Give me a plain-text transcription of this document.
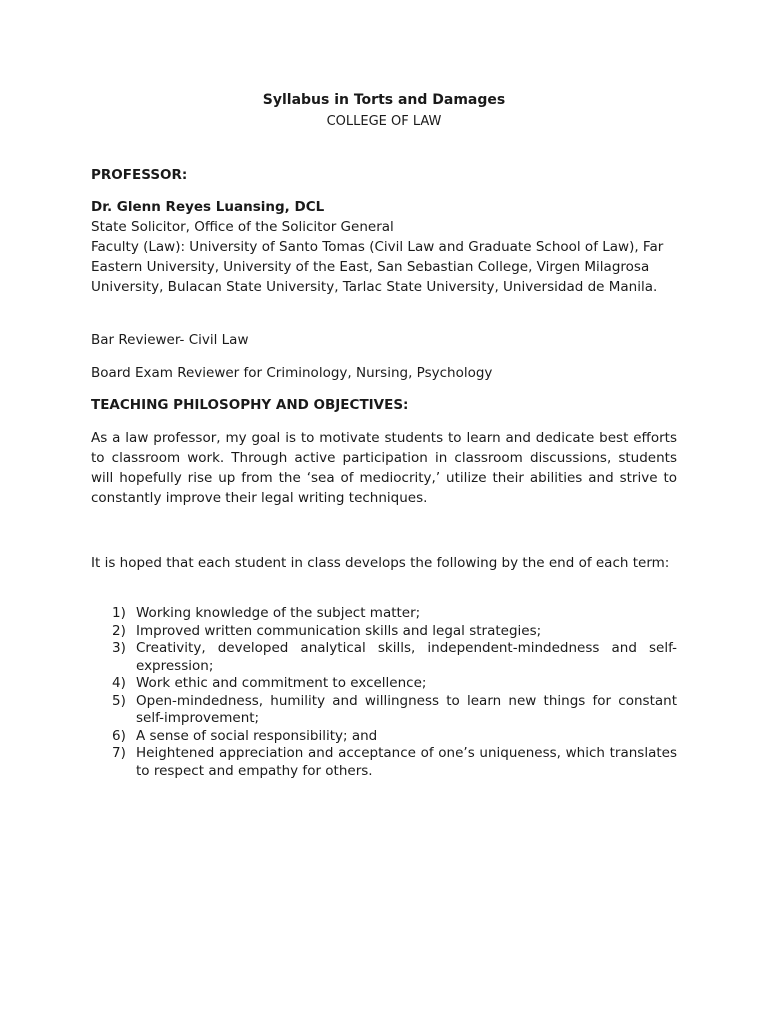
Syllabus in Torts and Damages
COLLEGE OF LAW
PROFESSOR:
Dr. Glenn Reyes Luansing, DCL
State Solicitor, Office of the Solicitor General
Faculty (Law): University of Santo Tomas (Civil Law and Graduate School of Law), Far Eastern University, University of the East, San Sebastian College, Virgen Milagrosa University, Bulacan State University, Tarlac State University, Universidad de Manila.
Bar Reviewer- Civil Law
Board Exam Reviewer for Criminology, Nursing, Psychology
TEACHING PHILOSOPHY AND OBJECTIVES:
As a law professor, my goal is to motivate students to learn and dedicate best efforts to classroom work. Through active participation in classroom discussions, students will hopefully rise up from the ‘sea of mediocrity,’ utilize their abilities and strive to constantly improve their legal writing techniques.
It is hoped that each student in class develops the following by the end of each term:
1) Working knowledge of the subject matter;
2) Improved written communication skills and legal strategies;
3) Creativity, developed analytical skills, independent-mindedness and self-expression;
4) Work ethic and commitment to excellence;
5) Open-mindedness, humility and willingness to learn new things for constant self-improvement;
6) A sense of social responsibility; and
7) Heightened appreciation and acceptance of one’s uniqueness, which translates to respect and empathy for others.
